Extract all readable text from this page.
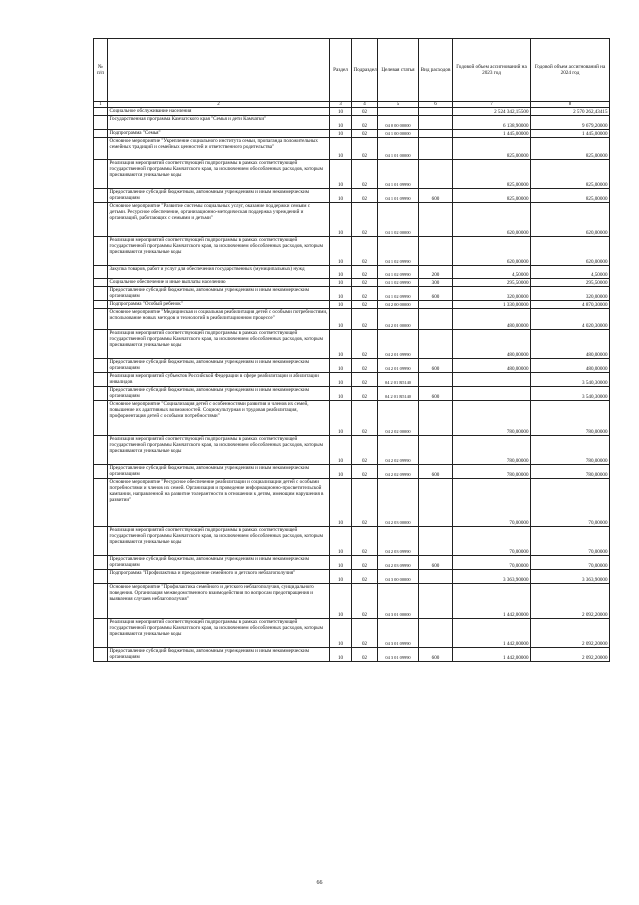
№ п/п		Раздел	Подраздел	Целевая статья	Вид расходов	Годовой объем ассигнований на 2023 год	Годовой объем ассигнований на 2024 год
1	2	3	4	5	6	7	8
	Социальное обслуживание населения	10	02			2 524 342,15500	2 570 262,43415
	Государственная программа Камчатского края "Семья и дети Камчатки"	10	02	04 0 00 00000		6 138,90000	9 679,20000
	Подпрограмма "Семья"	10	02	04 1 00 00000		1 445,00000	1 445,00000
	Основное мероприятие "Укрепление социального института семьи, пропаганда положительных семейных традиций и семейных ценностей и ответственного родительства"	10	02	04 1 01 00000		825,00000	825,00000
	Реализация мероприятий соответствующей подпрограммы в рамках соответствующей государственной программы Камчатского края, за исключением обособленных расходов, которым присваиваются уникальные коды	10	02	04 1 01 09990		825,00000	825,00000
	Предоставление субсидий бюджетным, автономным учреждениям и иным некоммерческим организациям	10	02	04 1 01 09990	600	825,00000	825,00000
	Основное мероприятие "Развитие системы социальных услуг, оказание поддержки семьям с детьми. Ресурсное обеспечение, организационно-методическая поддержка учреждений и организаций, работающих с семьями и детьми"	10	02	04 1 02 00000		620,00000	620,00000
	Реализация мероприятий соответствующей подпрограммы в рамках соответствующей государственной программы Камчатского края, за исключением обособленных расходов, которым присваиваются уникальные коды	10	02	04 1 02 09990		620,00000	620,00000
	Закупка товаров, работ и услуг для обеспечения государственных (муниципальных) нужд	10	02	04 1 02 09990	200	4,50000	4,50000
	Социальное обеспечение и иные выплаты населению	10	02	04 1 02 09990	300	295,50000	295,50000
	Предоставление субсидий бюджетным, автономным учреждениям и иным некоммерческим организациям	10	02	04 1 02 09990	600	320,00000	320,00000
	Подпрограмма "Особый ребенок"	10	02	04 2 00 00000		1 330,00000	4 870,30000
	Основное мероприятие "Медицинская и социальная реабилитация детей с особыми потребностями, использование новых методов и технологий в реабилитационном процессе"	10	02	04 2 01 00000		480,00000	4 020,30000
	Реализация мероприятий соответствующей подпрограммы в рамках соответствующей государственной программы Камчатского края, за исключением обособленных расходов, которым присваиваются уникальные коды	10	02	04 2 01 09990		480,00000	480,00000
	Предоставление субсидий бюджетным, автономным учреждениям и иным некоммерческим организациям	10	02	04 2 01 09990	600	480,00000	480,00000
	Реализация мероприятий субъектов Российской Федерации в сфере реабилитации и абилитации инвалидов	10	02	04 2 01 R5140			3 540,30000
	Предоставление субсидий бюджетным, автономным учреждениям и иным некоммерческим организациям	10	02	04 2 01 R5140	600		3 540,30000
	Основное мероприятие "Социализация детей с особенностями развития и членов их семей, повышение их адаптивных возможностей. Социокультурная и трудовая реабилитация, профориентация детей с особыми потребностями"	10	02	04 2 02 00000		780,00000	780,00000
	Реализация мероприятий соответствующей подпрограммы в рамках соответствующей государственной программы Камчатского края, за исключением обособленных расходов, которым присваиваются уникальные коды	10	02	04 2 02 09990		780,00000	780,00000
	Предоставление субсидий бюджетным, автономным учреждениям и иным некоммерческим организациям	10	02	04 2 02 09990	600	780,00000	780,00000
	Основное мероприятие "Ресурсное обеспечение реабилитации и социализации детей с особыми потребностями и членов их семей. Организация и проведение информационно-просветительской кампании, направленной на развитие толерантности в отношении к детям, имеющим нарушения в развитии"	10	02	04 2 03 00000		70,00000	70,00000
	Реализация мероприятий соответствующей подпрограммы в рамках соответствующей государственной программы Камчатского края, за исключением обособленных расходов, которым присваиваются уникальные коды	10	02	04 2 03 09990		70,00000	70,00000
	Предоставление субсидий бюджетным, автономным учреждениям и иным некоммерческим организациям	10	02	04 2 03 09990	600	70,00000	70,00000
	Подпрограмма "Профилактика и преодоление семейного и детского неблагополучия"	10	02	04 3 00 00000		3 363,90000	3 363,90000
	Основное мероприятие "Профилактика семейного и детского неблагополучия, суицидального поведения. Организация межведомственного взаимодействия по вопросам предотвращения и выявления случаев неблагополучия"	10	02	04 3 01 00000		1 442,00000	2 092,20000
	Реализация мероприятий соответствующей подпрограммы в рамках соответствующей государственной программы Камчатского края, за исключением обособленных расходов, которым присваиваются уникальные коды	10	02	04 3 01 09990		1 442,00000	2 092,20000
	Предоставление субсидий бюджетным, автономным учреждениям и иным некоммерческим организациям	10	02	04 3 01 09990	600	1 442,00000	2 092,20000
66
